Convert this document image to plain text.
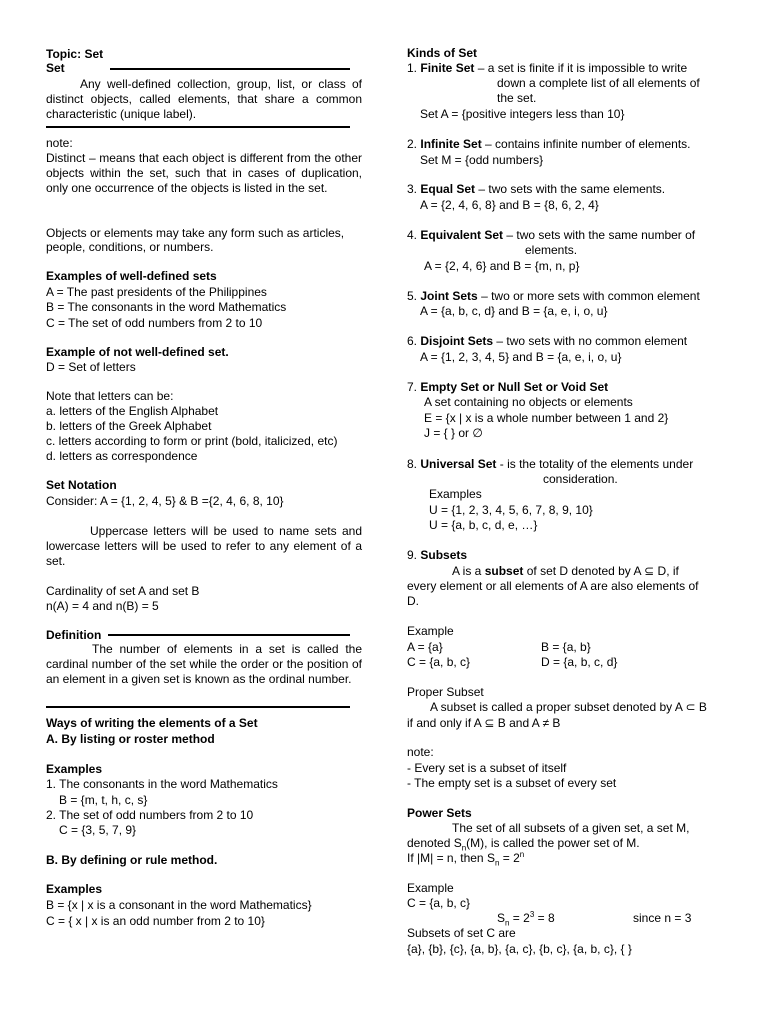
Topic: Set
Set
Any well-defined collection, group, list, or class of distinct objects, called elements, that share a common characteristic (unique label).
note:
Distinct – means that each object is different from the other objects within the set, such that in cases of duplication, only one occurrence of the objects is listed in the set.
Objects or elements may take any form such as articles,
people, conditions, or numbers.
Examples of well-defined sets
A = The past presidents of the Philippines
B = The consonants in the word Mathematics
C = The set of odd numbers from 2 to 10
Example of not well-defined set.
D = Set of letters
Note that letters can be:
a. letters of the English Alphabet
b. letters of the Greek Alphabet
c. letters according to form or print (bold, italicized, etc)
d. letters as correspondence
Set Notation
Consider: A = {1, 2, 4, 5} & B ={2, 4, 6, 8, 10}
Uppercase letters will be used to name sets and lowercase letters will be used to refer to any element of a set.
Cardinality of set A and set B
n(A) = 4 and n(B) = 5
Definition
The number of elements in a set is called the cardinal number of the set while the order or the position of an element in a given set is known as the ordinal number.
Ways of writing the elements of a Set
A. By listing or roster method
Examples
1. The consonants in the word Mathematics
B = {m, t, h, c, s}
2. The set of odd numbers from 2 to 10
C = {3, 5, 7, 9}
B. By defining or rule method.
Examples
B = {x | x is a consonant in the word Mathematics}
C = { x | x is an odd number from 2 to 10}
Kinds of Set
1. Finite Set – a set is finite if it is impossible to write
down a complete list of all elements of
the set.
Set A = {positive integers less than 10}
2. Infinite Set – contains infinite number of elements.
Set M = {odd numbers}
3. Equal Set – two sets with the same elements.
A = {2, 4, 6, 8} and B = {8, 6, 2, 4}
4. Equivalent Set – two sets with the same number of
elements.
A = {2, 4, 6} and B = {m, n, p}
5. Joint Sets – two or more sets with common element
A = {a, b, c, d} and B = {a, e, i, o, u}
6. Disjoint Sets – two sets with no common element
A = {1, 2, 3, 4, 5} and B = {a, e, i, o, u}
7. Empty Set or Null Set or Void Set
A set containing no objects or elements
E = {x | x is a whole number between 1 and 2}
J = { } or ∅
8. Universal Set - is the totality of the elements under
consideration.
Examples
U = {1, 2, 3, 4, 5, 6, 7, 8, 9, 10}
U = {a, b, c, d, e, …}
9. Subsets
A is a subset of set D denoted by A ⊆ D, if
every element or all elements of A are also elements of
D.
Example
A = {a}	B = {a, b}
C = {a, b, c}	D = {a, b, c, d}
Proper Subset
A subset is called a proper subset denoted by A ⊂ B
if and only if A ⊆ B and A ≠ B
note:
- Every set is a subset of itself
- The empty set is a subset of every set
Power Sets
The set of all subsets of a given set, a set M,
denoted $S_n(M)$, is called the power set of M.
If |M| = n, then $S_n = 2^n$
Example
C = {a, b, c}
$S_n = 2^3 = 8$	since n = 3
Subsets of set C are
{a}, {b}, {c}, {a, b}, {a, c}, {b, c}, {a, b, c}, { }
